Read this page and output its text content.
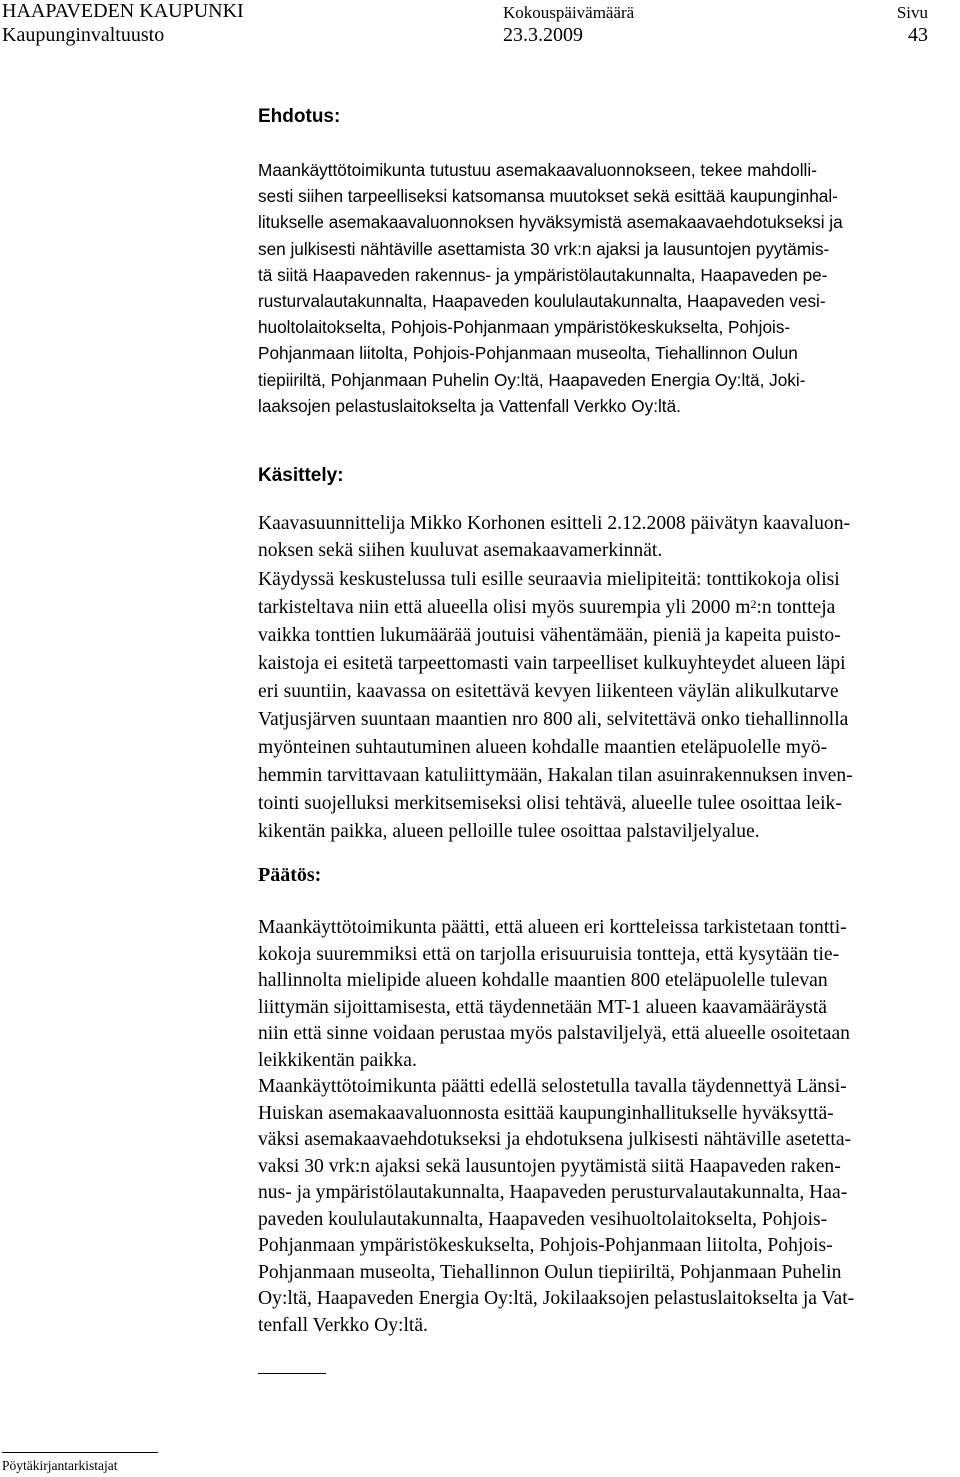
HAAPAVEDEN KAUPUNKI	Kokouspäivämäärä	Sivu
Kaupunginvaltuusto	23.3.2009	43
Ehdotus:
Maankäyttötoimikunta tutustuu asemakaavaluonnokseen, tekee mahdolli-
sesti siihen tarpeelliseksi katsomansa muutokset sekä esittää kaupunginhal-
litukselle asemakaavaluonnoksen hyväksymistä asemakaavaehdotukseksi ja
sen julkisesti nähtäville asettamista 30 vrk:n ajaksi ja lausuntojen pyytämis-
tä siitä Haapaveden rakennus- ja ympäristölautakunnalta, Haapaveden pe-
rusturvalautakunnalta, Haapaveden koululautakunnalta, Haapaveden vesi-
huoltolaitokselta, Pohjois-Pohjanmaan ympäristökeskukselta, Pohjois-
Pohjanmaan liitolta, Pohjois-Pohjanmaan museolta, Tiehallinnon Oulun
tiepiiriltä, Pohjanmaan Puhelin Oy:ltä, Haapaveden Energia Oy:ltä, Joki-
laaksojen pelastuslaitokselta ja Vattenfall Verkko Oy:ltä.
Käsittely:
Kaavasuunnittelija Mikko Korhonen esitteli 2.12.2008 päivätyn kaavaluon-
noksen sekä siihen kuuluvat asemakaavamerkinnät.
Käydyssä keskustelussa tuli esille seuraavia mielipiteitä: tonttikokoja olisi
tarkisteltava niin että alueella olisi myös suurempia yli 2000 $m^2:n$ tontteja
vaikka tonttien lukumäärää joutuisi vähentämään, pieniä ja kapeita puisto-
kaistoja ei esitetä tarpeettomasti vain tarpeelliset kulkuyhteydet alueen läpi
eri suuntiin, kaavassa on esitettävä kevyen liikenteen väylän alikulkutarve
Vatjusjärven suuntaan maantien nro 800 ali, selvitettävä onko tiehallinnolla
myönteinen suhtautuminen alueen kohdalle maantien eteläpuolelle myö-
hemmin tarvittavaan katuliittymään, Hakalan tilan asuinrakennuksen inven-
tointi suojelluksi merkitsemiseksi olisi tehtävä, alueelle tulee osoittaa leik-
kikentän paikka, alueen pelloille tulee osoittaa palstaviljelyalue.
Päätös:
Maankäyttötoimikunta päätti, että alueen eri kortteleissa tarkistetaan tontti-
kokoja suuremmiksi että on tarjolla erisuuruisia tontteja, että kysytään tie-
hallinnolta mielipide alueen kohdalle maantien 800 eteläpuolelle tulevan
liittymän sijoittamisesta, että täydennetään MT-1 alueen kaavamääräystä
niin että sinne voidaan perustaa myös palstaviljelyä, että alueelle osoitetaan
leikkikentän paikka.
Maankäyttötoimikunta päätti edellä selostetulla tavalla täydennettyä Länsi-
Huiskan asemakaavaluonnosta esittää kaupunginhallitukselle hyväksyttä-
väksi asemakaavaehdotukseksi ja ehdotuksena julkisesti nähtäville asetetta-
vaksi 30 vrk:n ajaksi sekä lausuntojen pyytämistä siitä Haapaveden raken-
nus- ja ympäristölautakunnalta, Haapaveden perusturvalautakunnalta, Haa-
paveden koululautakunnalta, Haapaveden vesihuoltolaitokselta, Pohjois-
Pohjanmaan ympäristökeskukselta, Pohjois-Pohjanmaan liitolta, Pohjois-
Pohjanmaan museolta, Tiehallinnon Oulun tiepiiriltä, Pohjanmaan Puhelin
Oy:ltä, Haapaveden Energia Oy:ltä, Jokilaaksojen pelastuslaitokselta ja Vat-
tenfall Verkko Oy:ltä.
Pöytäkirjantarkistajat
